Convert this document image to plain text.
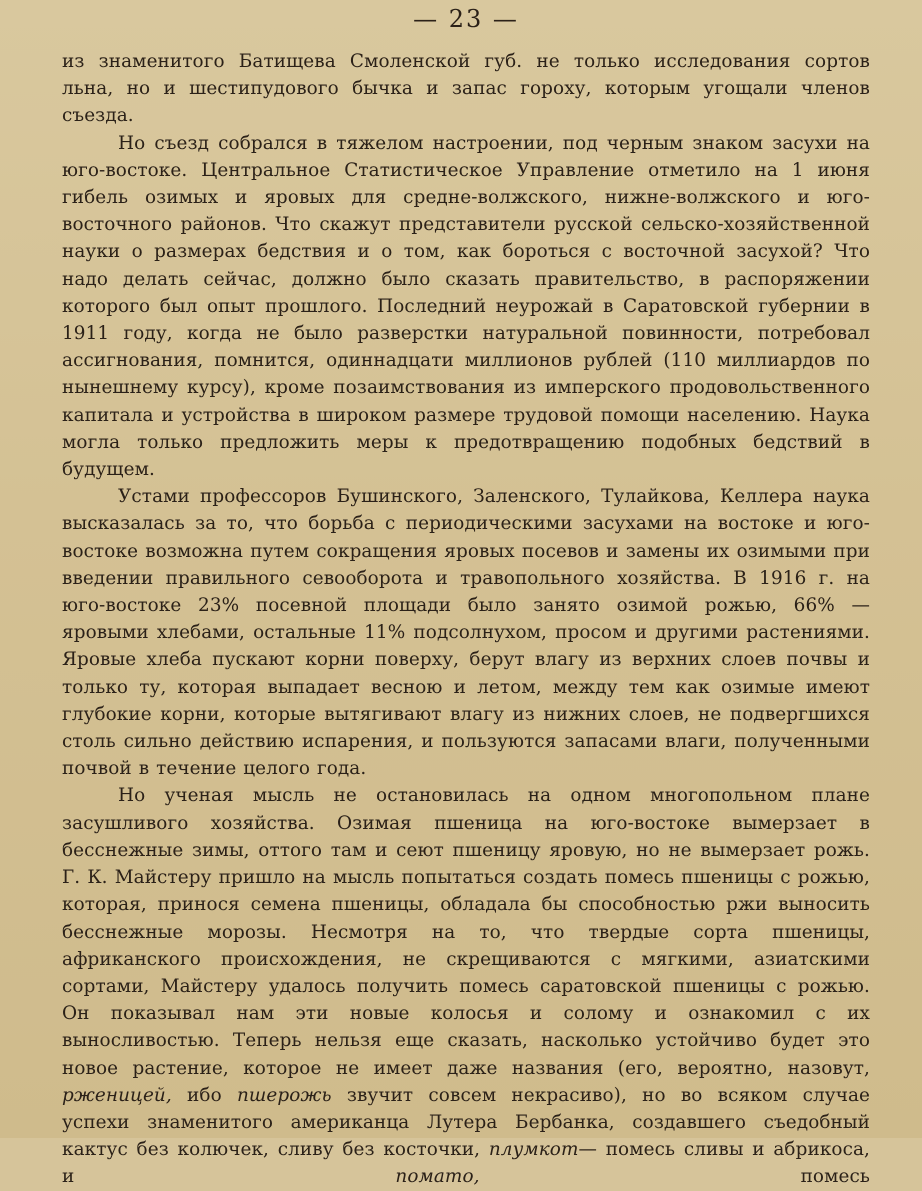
— 23 —

из знаменитого Батищева Смоленской губ. не только исследования сортов льна, но и шестипудового бычка и запас гороху, которым угощали членов съезда.

Но съезд собрался в тяжелом настроении, под черным знаком засухи на юго-востоке. Центральное Статистическое Управление отметило на 1 июня гибель озимых и яровых для средне-волжского, нижне-волжского и юго-восточного районов. Что скажут представители русской сельско-хозяйственной науки о размерах бедствия и о том, как бороться с восточной засухой? Что надо делать сейчас, должно было сказать правительство, в распоряжении которого был опыт прошлого. Последний неурожай в Саратовской губернии в 1911 году, когда не было разверстки натуральной повинности, потребовал ассигнования, помнится, одиннадцати миллионов рублей (110 миллиардов по нынешнему курсу), кроме позаимствования из имперского продовольственного капитала и устройства в широком размере трудовой помощи населению. Наука могла только предложить меры к предотвращению подобных бедствий в будущем.

Устами профессоров Бушинского, Заленского, Тулайкова, Келлера наука высказалась за то, что борьба с периодическими засухами на востоке и юго-востоке возможна путем сокращения яровых посевов и замены их озимыми при введении правильного севооборота и травопольного хозяйства. В 1916 г. на юго-востоке 23% посевной площади было занято озимой рожью, 66% — яровыми хлебами, остальные 11% подсолнухом, просом и другими растениями. Яровые хлеба пускают корни поверху, берут влагу из верхних слоев почвы и только ту, которая выпадает весною и летом, между тем как озимые имеют глубокие корни, которые вытягивают влагу из нижних слоев, не подвергшихся столь сильно действию испарения, и пользуются запасами влаги, полученными почвой в течение целого года.

Но ученая мысль не остановилась на одном многопольном плане засушливого хозяйства. Озимая пшеница на юго-востоке вымерзает в бесснежные зимы, оттого там и сеют пшеницу яровую, но не вымерзает рожь. Г. К. Майстеру пришло на мысль попытаться создать помесь пшеницы с рожью, которая, принося семена пшеницы, обладала бы способностью ржи выносить бесснежные морозы. Несмотря на то, что твердые сорта пшеницы, африканского происхождения, не скрещиваются с мягкими, азиатскими сортами, Майстеру удалось получить помесь саратовской пшеницы с рожью. Он показывал нам эти новые колосья и солому и ознакомил с их выносливостью. Теперь нельзя еще сказать, насколько устойчиво будет это новое растение, которое не имеет даже названия (его, вероятно, назовут, рженицей, ибо пшерожь звучит совсем некрасиво), но во всяком случае успехи знаменитого американца Лутера Бербанка, создавшего съедобный кактус без колючек, сливу без косточки, плумкот— помесь сливы и абрикоса, и	помато,	помесь
